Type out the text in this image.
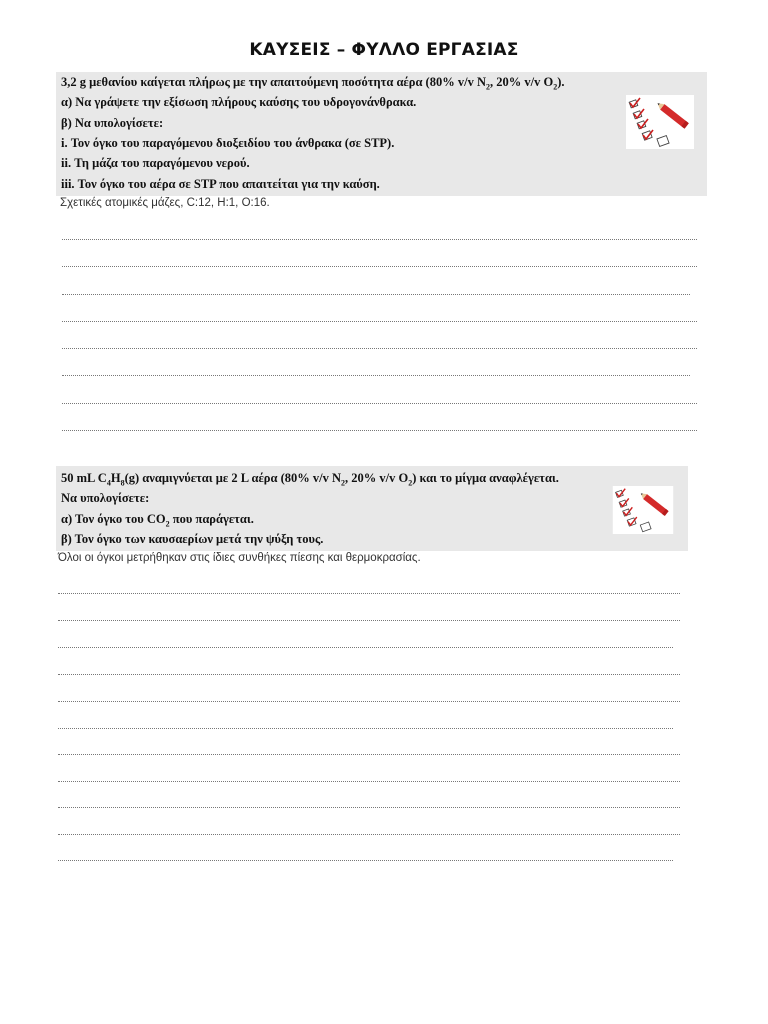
ΚΑΥΣΕΙΣ – ΦΥΛΛΟ ΕΡΓΑΣΙΑΣ
3,2 g μεθανίου καίγεται πλήρως με την απαιτούμενη ποσότητα αέρα (80% v/v $N_2$, 20% v/v $O_2$).
α) Να γράψετε την εξίσωση πλήρους καύσης του υδρογονάνθρακα.
β) Να υπολογίσετε:
i. Τον όγκο του παραγόμενου διοξειδίου του άνθρακα (σε STP).
ii. Τη μάζα του παραγόμενου νερού.
iii. Τον όγκο του αέρα σε STP που απαιτείται για την καύση.
Σχετικές ατομικές μάζες, C:12, H:1, O:16.
50 mL $C_4H_8(g)$ αναμιγνύεται με 2 L αέρα (80% v/v $N_2$, 20% v/v $O_2$) και το μίγμα αναφλέγεται.
Να υπολογίσετε:
α) Τον όγκο του $CO_2$ που παράγεται.
β) Τον όγκο των καυσαερίων μετά την ψύξη τους.
Όλοι οι όγκοι μετρήθηκαν στις ίδιες συνθήκες πίεσης και θερμοκρασίας.
